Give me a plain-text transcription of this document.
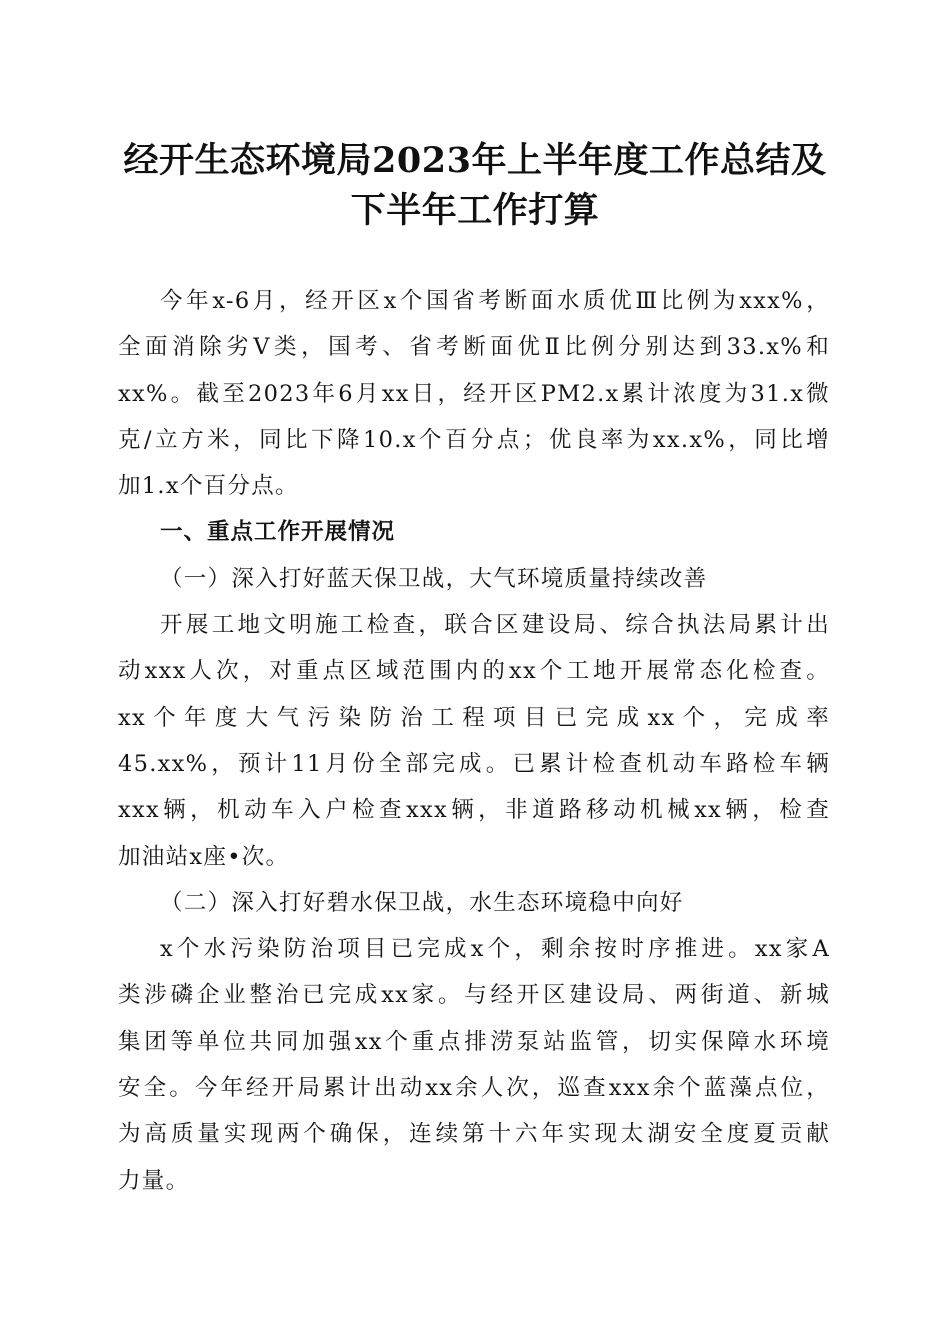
经开生态环境局2023年上半年度工作总结及
下半年工作打算
今年x-6月，经开区x个国省考断面水质优Ⅲ比例为xxx%，
全面消除劣Ⅴ类，国考、省考断面优Ⅱ比例分别达到33.x%和
xx%。截至2023年6月xx日，经开区PM2.x累计浓度为31.x微
克/立方米，同比下降10.x个百分点；优良率为xx.x%，同比增
加1.x个百分点。
一、重点工作开展情况
（一）深入打好蓝天保卫战，大气环境质量持续改善
开展工地文明施工检查，联合区建设局、综合执法局累计出
动xxx人次，对重点区域范围内的xx个工地开展常态化检查。
xx个年度大气污染防治工程项目已完成xx个，完成率
45.xx%，预计11月份全部完成。已累计检查机动车路检车辆
xxx辆，机动车入户检查xxx辆，非道路移动机械xx辆，检查
加油站x座•次。
（二）深入打好碧水保卫战，水生态环境稳中向好
x个水污染防治项目已完成x个，剩余按时序推进。xx家A
类涉磷企业整治已完成xx家。与经开区建设局、两街道、新城
集团等单位共同加强xx个重点排涝泵站监管，切实保障水环境
安全。今年经开局累计出动xx余人次，巡查xxx余个蓝藻点位，
为高质量实现两个确保，连续第十六年实现太湖安全度夏贡献
力量。
